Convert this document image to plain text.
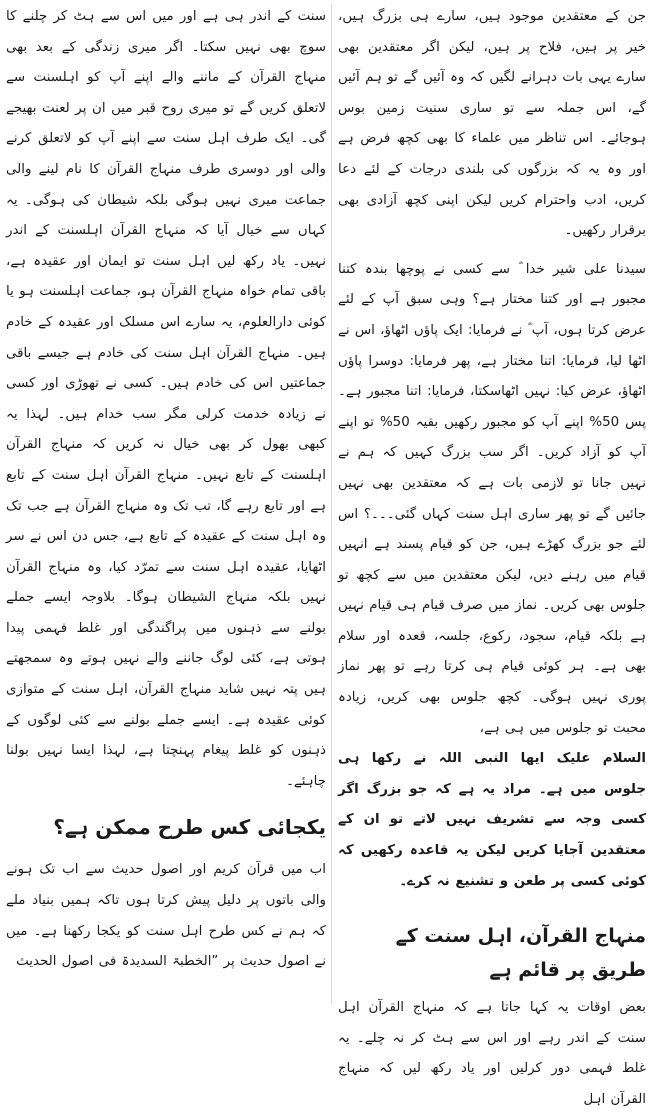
جن کے معتقدین موجود ہیں، سارے ہی بزرگ ہیں، خیر پر ہیں، فلاح پر ہیں، لیکن اگر معتقدین بھی سارے یہی بات دہرانے لگیں کہ وہ آئیں گے تو ہم آئیں گے، اس جملہ سے تو ساری سنیت زمین بوس ہوجائے۔ اس تناظر میں علماء کا بھی کچھ فرض ہے اور وہ یہ کہ بزرگوں کی بلندی درجات کے لئے دعا کریں، ادب واحترام کریں لیکن اپنی کچھ آزادی بھی برقرار رکھیں۔

سیدنا علی شیر خدا ؓ سے کسی نے پوچھا بندہ کتنا مجبور ہے اور کتنا مختار ہے؟ وہی سبق آپ کے لئے عرض کرتا ہوں، آپ ؓ نے فرمایا: ایک پاؤں اٹھاؤ، اس نے اٹھا لیا، فرمایا: اتنا مختار ہے، پھر فرمایا: دوسرا پاؤں اٹھاؤ، عرض کیا: نہیں اٹھاسکتا، فرمایا: اتنا مجبور ہے۔ پس 50% اپنے آپ کو مجبور رکھیں بقیہ 50% تو اپنے آپ کو آزاد کریں۔ اگر سب بزرگ کہیں کہ ہم نے نہیں جانا تو لازمی بات ہے کہ معتقدین بھی نہیں جائیں گے تو پھر ساری اہل سنت کہاں گئی۔۔۔؟ اس لئے جو بزرگ کھڑے ہیں، جن کو قیام پسند ہے انہیں قیام میں رہنے دیں، لیکن معتقدین میں سے کچھ تو جلوس بھی کریں۔ نماز میں صرف قیام ہی قیام نہیں ہے بلکہ قیام، سجود، رکوع، جلسہ، قعدہ اور سلام بھی ہے۔ ہر کوئی قیام ہی کرتا رہے تو پھر نماز پوری نہیں ہوگی۔ کچھ جلوس بھی کریں، زیادہ محبت تو جلوس میں ہی ہے،

السلام علیک ایھا النبی اللہ نے رکھا ہی جلوس میں ہے۔ مراد یہ ہے کہ جو بزرگ اگر کسی وجہ سے تشریف نہیں لاتے تو ان کے معتقدین آجایا کریں لیکن یہ قاعدہ رکھیں کہ کوئی کسی پر طعن و تشنیع نہ کرے۔

منہاج القرآن، اہل سنت کے طریق پر قائم ہے

بعض اوقات یہ کہا جاتا ہے کہ منہاج القرآن اہل سنت کے اندر رہے اور اس سے ہٹ کر نہ چلے۔ یہ غلط فہمی دور کرلیں اور یاد رکھ لیں کہ منہاج القرآن اہل

سنت کے اندر ہی ہے اور میں اس سے ہٹ کر چلنے کا سوچ بھی نہیں سکتا۔ اگر میری زندگی کے بعد بھی منہاج القرآن کے ماننے والے اپنے آپ کو اہلسنت سے لاتعلق کریں گے تو میری روح قبر میں ان پر لعنت بھیجے گی۔ ایک طرف اہل سنت سے اپنے آپ کو لاتعلق کرنے والی اور دوسری طرف منہاج القرآن کا نام لینے والی جماعت میری نہیں ہوگی بلکہ شیطان کی ہوگی۔ یہ کہاں سے خیال آیا کہ منہاج القرآن اہلسنت کے اندر نہیں۔ یاد رکھ لیں اہل سنت تو ایمان اور عقیدہ ہے، باقی تمام خواہ منہاج القرآن ہو، جماعت اہلسنت ہو یا کوئی دارالعلوم، یہ سارے اس مسلک اور عقیدہ کے خادم ہیں۔ منہاج القرآن اہل سنت کی خادم ہے جیسے باقی جماعتیں اس کی خادم ہیں۔ کسی نے تھوڑی اور کسی نے زیادہ خدمت کرلی مگر سب خدام ہیں۔ لہذا یہ کبھی بھول کر بھی خیال نہ کریں کہ منہاج القرآن اہلسنت کے تابع نہیں۔ منہاج القرآن اہل سنت کے تابع ہے اور تابع رہے گا، تب تک وہ منہاج القرآن ہے جب تک وہ اہل سنت کے عقیدہ کے تابع ہے، جس دن اس نے سر اٹھایا، عقیدہ اہل سنت سے تمرّد کیا، وہ منہاج القرآن نہیں بلکہ منہاج الشیطان ہوگا۔ بلاوجہ ایسے جملے بولنے سے ذہنوں میں پراگندگی اور غلط فہمی پیدا ہوتی ہے، کئی لوگ جاننے والے نہیں ہوتے وہ سمجھتے ہیں پتہ نہیں شاید منہاج القرآن، اہل سنت کے متوازی کوئی عقیدہ ہے۔ ایسے جملے بولنے سے کئی لوگوں کے ذہنوں کو غلط پیغام پہنچتا ہے، لہذا ایسا نہیں بولنا چاہئے۔

یکجائی کس طرح ممکن ہے؟

اب میں قرآن کریم اور اصول حدیث سے اب تک ہونے والی باتوں پر دلیل پیش کرتا ہوں تاکہ ہمیں بنیاد ملے کہ ہم نے کس طرح اہل سنت کو یکجا رکھنا ہے۔ میں نے اصول حدیث پر ”الخطبۃ السدیدۃ فی اصول الحدیث
